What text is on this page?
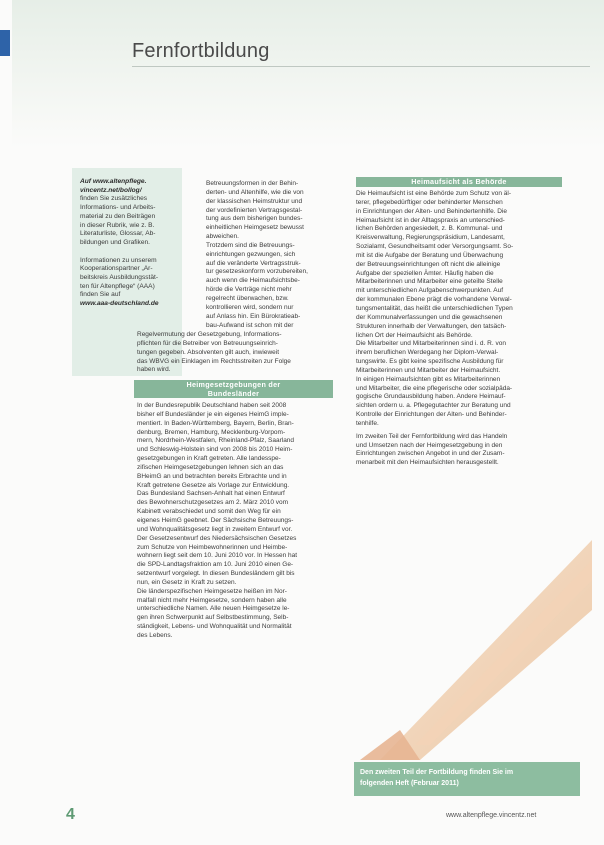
Fernfortbildung
Auf www.altenpflege.
vincentz.net/bollog/
finden Sie zusätzliches
Informations- und Arbeits-
material zu den Beiträgen
in dieser Rubrik, wie z. B.
Literaturliste, Glossar, Ab-
bildungen und Grafiken.
Informationen zu unserem
Kooperationspartner „Ar-
beitskreis Ausbildungsstät-
ten für Altenpflege“ (AAA)
finden Sie auf
www.aaa-deutschland.de
Betreuungsformen in der Behin-
derten- und Altenhilfe, wie die von
der klassischen Heimstruktur und
der vordefinierten Vertragsgestal-
tung aus dem bisherigen bundes-
einheitlichen Heimgesetz bewusst
abweichen.
Trotzdem sind die Betreuungs-
einrichtungen gezwungen, sich
auf die veränderte Vertragsstruk-
tur gesetzeskonform vorzubereiten,
auch wenn die Heimaufsichtsbe-
hörde die Verträge nicht mehr
regelrecht überwachen, bzw.
kontrollieren wird, sondern nur
auf Anlass hin. Ein Bürokratieab-
bau-Aufwand ist schon mit der
Regelvermutung der Gesetzgebung, Informations-
pflichten für die Betreiber von Betreuungseinrich-
tungen gegeben. Absolventen gilt auch, inwieweit
das WBVG ein Einklagen im Rechtsstreiten zur Folge
haben wird.
Heimgesetzgebungen der
Bundesländer
In der Bundesrepublik Deutschland haben seit 2008
bisher elf Bundesländer je ein eigenes HeimG imple-
mentiert. In Baden-Württemberg, Bayern, Berlin, Bran-
denburg, Bremen, Hamburg, Mecklenburg-Vorpom-
mern, Nordrhein-Westfalen, Rheinland-Pfalz, Saarland
und Schleswig-Holstein sind von 2008 bis 2010 Heim-
gesetzgebungen in Kraft getreten. Alle landesspe-
zifischen Heimgesetzgebungen lehnen sich an das
BHeimG an und betrachten bereits Erbrachte und in
Kraft getretene Gesetze als Vorlage zur Entwicklung.
Das Bundesland Sachsen-Anhalt hat einen Entwurf
des Bewohnerschutzgesetzes am 2. März 2010 vom
Kabinett verabschiedet und somit den Weg für ein
eigenes HeimG geebnet. Der Sächsische Betreuungs-
und Wohnqualitätsgesetz liegt in zweitem Entwurf vor.
Der Gesetzesentwurf des Niedersächsischen Gesetzes
zum Schutze von Heimbewohnerinnen und Heimbe-
wohnern liegt seit dem 10. Juni 2010 vor. In Hessen hat
die SPD-Landtagsfraktion am 10. Juni 2010 einen Ge-
setzentwurf vorgelegt. In diesen Bundesländern gilt bis
nun, ein Gesetz in Kraft zu setzen.
Die länderspezifischen Heimgesetze heißen im Nor-
malfall nicht mehr Heimgesetze, sondern haben alle
unterschiedliche Namen. Alle neuen Heimgesetze le-
gen ihren Schwerpunkt auf Selbstbestimmung, Selb-
ständigkeit, Lebens- und Wohnqualität und Normalität
des Lebens.
Heimaufsicht als Behörde
Die Heimaufsicht ist eine Behörde zum Schutz von äl-
terer, pflegebedürftiger oder behinderter Menschen
in Einrichtungen der Alten- und Behindertenhilfe. Die
Heimaufsicht ist in der Alltagspraxis an unterschied-
lichen Behörden angesiedelt, z. B. Kommunal- und
Kreisverwaltung, Regierungspräsidium, Landesamt,
Sozialamt, Gesundheitsamt oder Versorgungsamt. So-
mit ist die Aufgabe der Beratung und Überwachung
der Betreuungseinrichtungen oft nicht die alleinige
Aufgabe der speziellen Ämter. Häufig haben die
Mitarbeiterinnen und Mitarbeiter eine geteilte Stelle
mit unterschiedlichen Aufgabenschwerpunkten. Auf
der kommunalen Ebene prägt die vorhandene Verwal-
tungsmentalität, das heißt die unterschiedlichen Typen
der Kommunalverfassungen und die gewachsenen
Strukturen innerhalb der Verwaltungen, den tatsäch-
lichen Ort der Heimaufsicht als Behörde.
Die Mitarbeiter und Mitarbeiterinnen sind i. d. R. von
ihrem beruflichen Werdegang her Diplom-Verwal-
tungswirte. Es gibt keine spezifische Ausbildung für
Mitarbeiterinnen und Mitarbeiter der Heimaufsicht.
In einigen Heimaufsichten gibt es Mitarbeiterinnen
und Mitarbeiter, die eine pflegerische oder sozialpäda-
gogische Grundausbildung haben. Andere Heimauf-
sichten ordern u. a. Pflegegutachter zur Beratung und
Kontrolle der Einrichtungen der Alten- und Behinder-
tenhilfe.
Im zweiten Teil der Fernfortbildung wird das Handeln
und Umsetzen nach der Heimgesetzgebung in den
Einrichtungen zwischen Angebot in und der Zusam-
menarbeit mit den Heimaufsichten herausgestellt.
Den zweiten Teil der Fortbildung finden Sie im
folgenden Heft (Februar 2011)
4	www.altenpflege.vincentz.net
